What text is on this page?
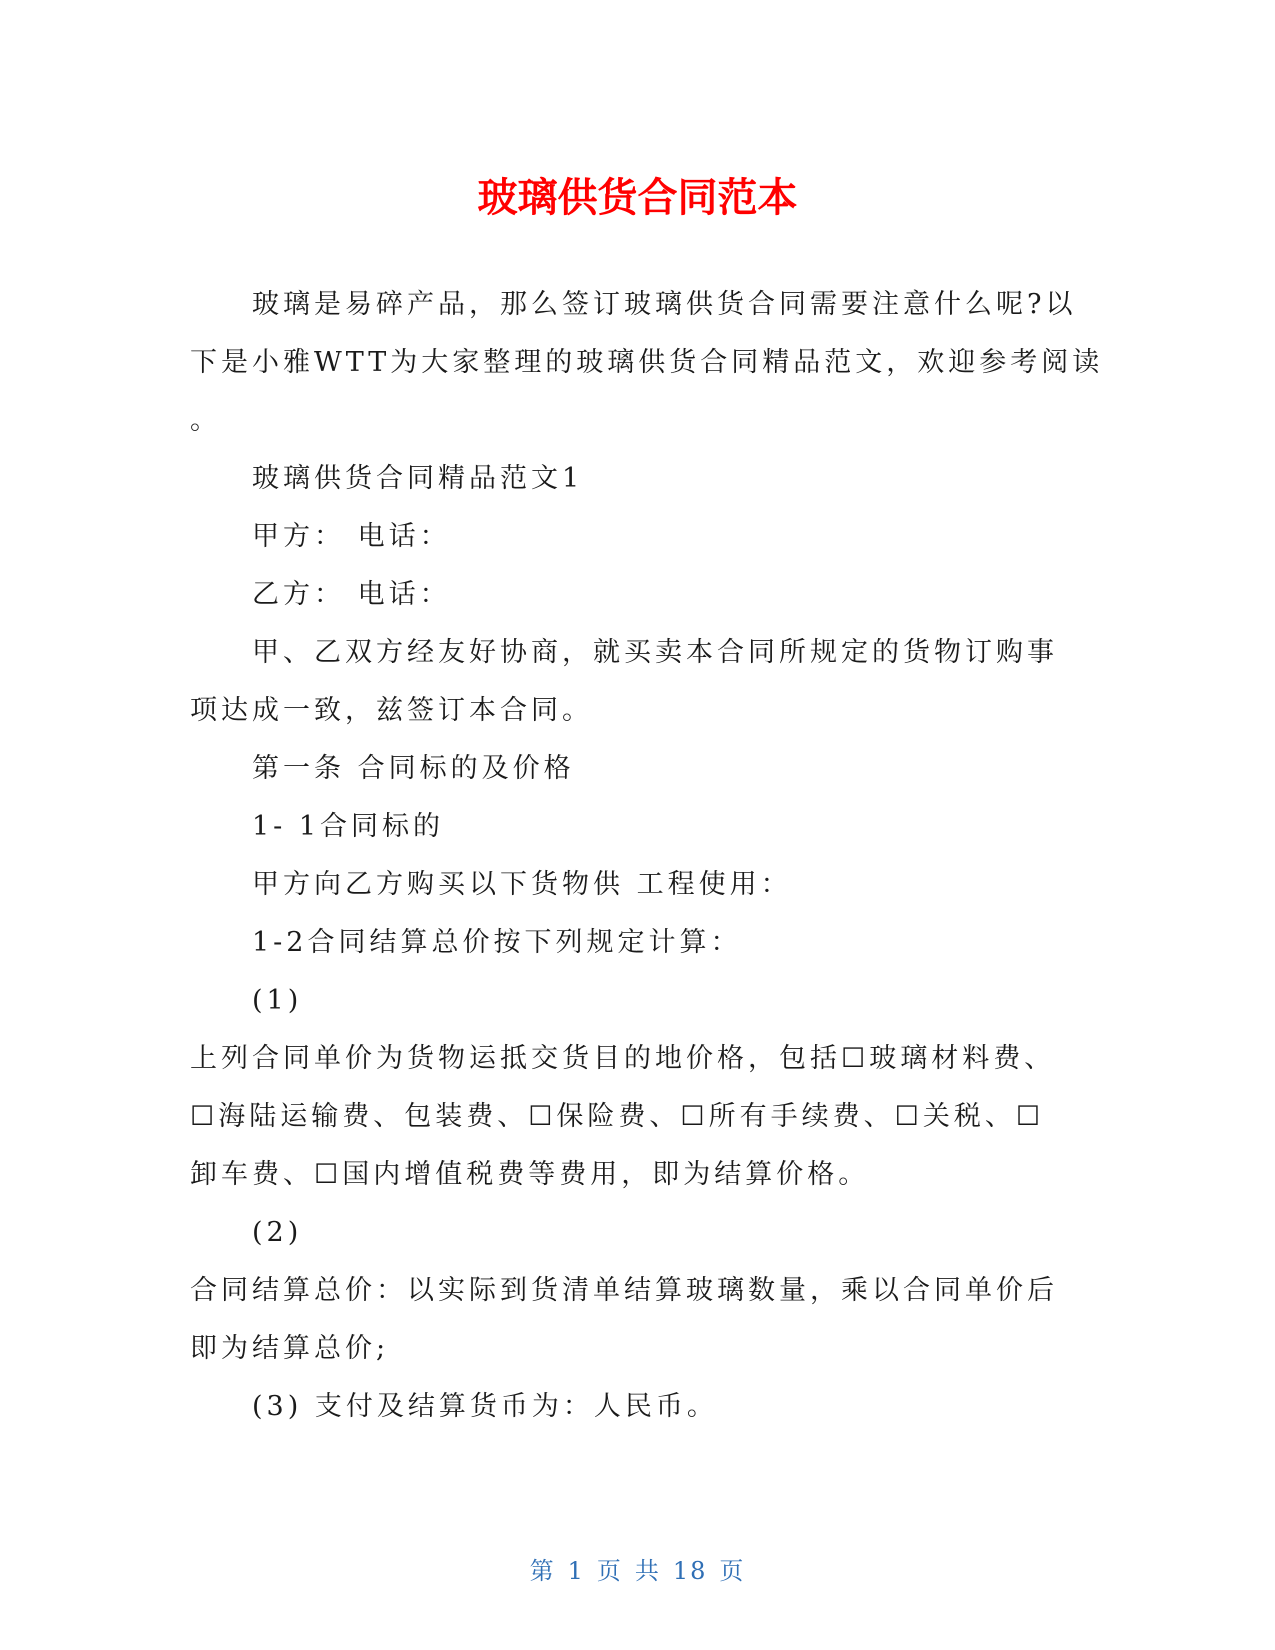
玻璃供货合同范本
玻璃是易碎产品，那么签订玻璃供货合同需要注意什么呢?以
下是小雅WTT为大家整理的玻璃供货合同精品范文，欢迎参考阅读
。
玻璃供货合同精品范文1
甲方： 电话：
乙方： 电话：
甲、乙双方经友好协商，就买卖本合同所规定的货物订购事
项达成一致，兹签订本合同。
第一条 合同标的及价格
1- 1合同标的
甲方向乙方购买以下货物供 工程使用：
1-2合同结算总价按下列规定计算：
(1)
上列合同单价为货物运抵交货目的地价格，包括☐玻璃材料费、
☐海陆运输费、包装费、☐保险费、☐所有手续费、☐关税、☐
卸车费、☐国内增值税费等费用，即为结算价格。
(2)
合同结算总价：以实际到货清单结算玻璃数量，乘以合同单价后
即为结算总价;
(3) 支付及结算货币为：人民币。
第 1 页 共 18 页
